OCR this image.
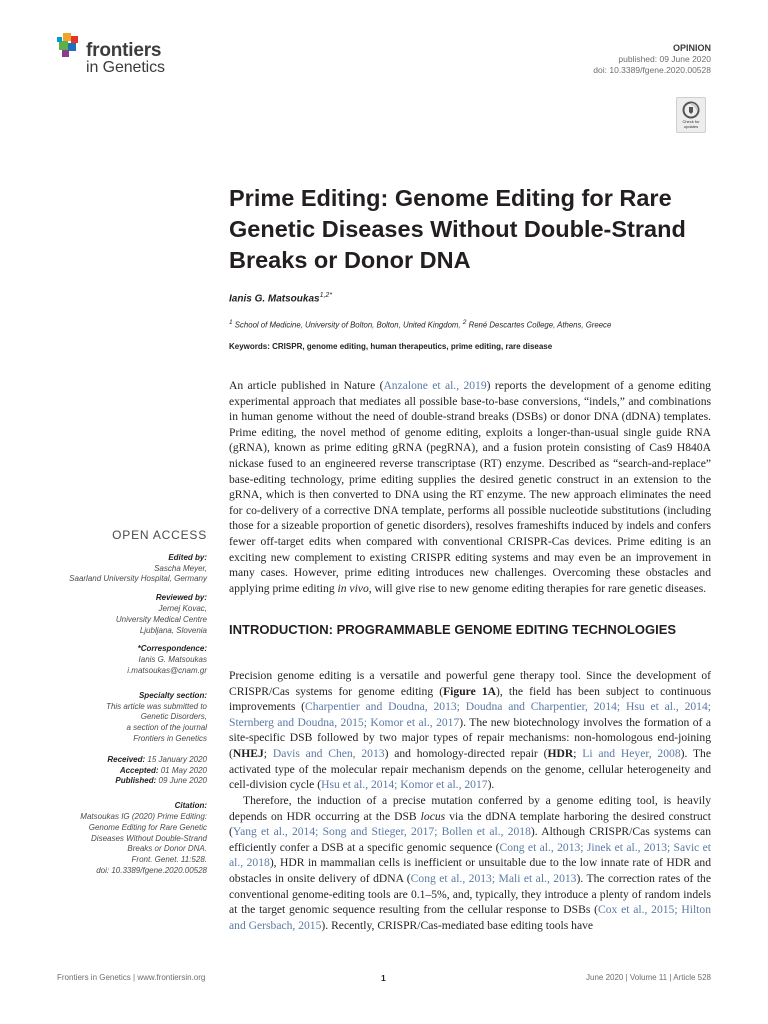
frontiers
in Genetics
OPINION
published: 09 June 2020
doi: 10.3389/fgene.2020.00528
Check for
updates
Prime Editing: Genome Editing for Rare Genetic Diseases Without Double-Strand Breaks or Donor DNA
Ianis G. Matsoukas$^{1,2*}$
$^1$ School of Medicine, University of Bolton, Bolton, United Kingdom, $^2$ René Descartes College, Athens, Greece
Keywords: CRISPR, genome editing, human therapeutics, prime editing, rare disease

An article published in Nature (Anzalone et al., 2019) reports the development of a genome editing experimental approach that mediates all possible base-to-base conversions, “indels,” and combinations in human genome without the need of double-strand breaks (DSBs) or donor DNA (dDNA) templates. Prime editing, the novel method of genome editing, exploits a longer-than-usual single guide RNA (gRNA), known as prime editing gRNA (pegRNA), and a fusion protein consisting of Cas9 H840A nickase fused to an engineered reverse transcriptase (RT) enzyme. Described as “search-and-replace” base-editing technology, prime editing supplies the desired genetic construct in an extension to the gRNA, which is then converted to DNA using the RT enzyme. The new approach eliminates the need for co-delivery of a corrective DNA template, performs all possible nucleotide substitutions (including those for a sizeable proportion of genetic disorders), resolves frameshifts induced by indels and confers fewer off-target edits when compared with conventional CRISPR-Cas devices. Prime editing is an exciting new complement to existing CRISPR editing systems and may even be an improvement in many cases. However, prime editing introduces new challenges. Overcoming these obstacles and applying prime editing in vivo, will give rise to new genome editing therapies for rare genetic diseases.

INTRODUCTION: PROGRAMMABLE GENOME EDITING TECHNOLOGIES

Precision genome editing is a versatile and powerful gene therapy tool. Since the development of CRISPR/Cas systems for genome editing (Figure 1A), the field has been subject to continuous improvements (Charpentier and Doudna, 2013; Doudna and Charpentier, 2014; Hsu et al., 2014; Sternberg and Doudna, 2015; Komor et al., 2017). The new biotechnology involves the formation of a site-specific DSB followed by two major types of repair mechanisms: non-homologous end-joining (NHEJ; Davis and Chen, 2013) and homology-directed repair (HDR; Li and Heyer, 2008). The activated type of the molecular repair mechanism depends on the genome, cellular heterogeneity and cell-division cycle (Hsu et al., 2014; Komor et al., 2017).

Therefore, the induction of a precise mutation conferred by a genome editing tool, is heavily depends on HDR occurring at the DSB locus via the dDNA template harboring the desired construct (Yang et al., 2014; Song and Stieger, 2017; Bollen et al., 2018). Although CRISPR/Cas systems can efficiently confer a DSB at a specific genomic sequence (Cong et al., 2013; Jinek et al., 2013; Savic et al., 2018), HDR in mammalian cells is inefficient or unsuitable due to the low innate rate of HDR and obstacles in onsite delivery of dDNA (Cong et al., 2013; Mali et al., 2013). The correction rates of the conventional genome-editing tools are 0.1–5%, and, typically, they introduce a plenty of random indels at the target genomic sequence resulting from the cellular response to DSBs (Cox et al., 2015; Hilton and Gersbach, 2015). Recently, CRISPR/Cas-mediated base editing tools have

OPEN ACCESS
Edited by:
Sascha Meyer,
Saarland University Hospital, Germany
Reviewed by:
Jernej Kovac,
University Medical Centre
Ljubljana, Slovenia
*Correspondence:
Ianis G. Matsoukas
i.matsoukas@cnam.gr
Specialty section:
This article was submitted to
Genetic Disorders,
a section of the journal
Frontiers in Genetics
Received: 15 January 2020
Accepted: 01 May 2020
Published: 09 June 2020
Citation:
Matsoukas IG (2020) Prime Editing:
Genome Editing for Rare Genetic
Diseases Without Double-Strand
Breaks or Donor DNA.
Front. Genet. 11:528.
doi: 10.3389/fgene.2020.00528
Frontiers in Genetics | www.frontiersin.org	1	June 2020 | Volume 11 | Article 528
